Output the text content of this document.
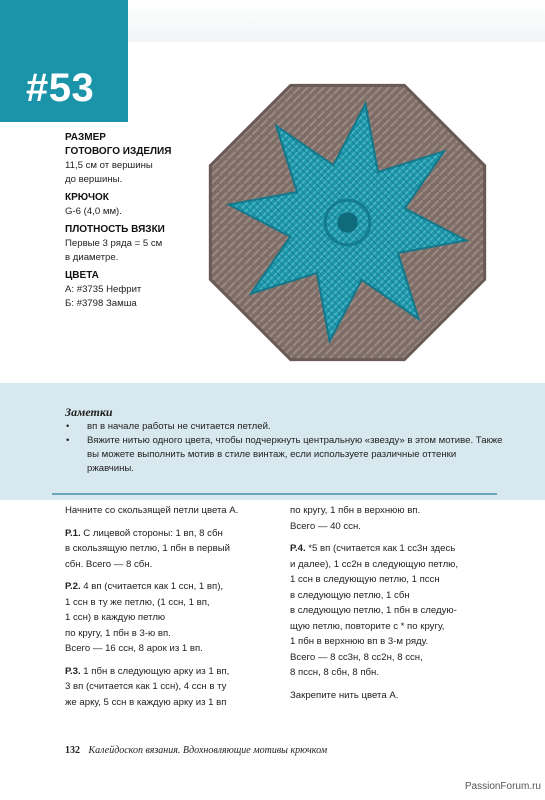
#53
РАЗМЕР
ГОТОВОГО ИЗДЕЛИЯ
11,5 см от вершины
до вершины.
КРЮЧОК
G-6 (4,0 мм).
ПЛОТНОСТЬ ВЯЗКИ
Первые 3 ряда = 5 см
в диаметре.
ЦВЕТА
А: #3735 Нефрит
Б: #3798 Замша
Заметки
• вп в начале работы не считается петлей.
• Вяжите нитью одного цвета, чтобы подчеркнуть центральную «звезду» в этом мотиве. Также вы можете выполнить мотив в стиле винтаж, если используете различные оттенки ржавчины.

Начните со скользящей петли цвета А.

Р.1. С лицевой стороны: 1 вп, 8 сбн
в скользящую петлю, 1 пбн в первый
сбн. Всего — 8 сбн.

Р.2. 4 вп (считается как 1 ссн, 1 вп),
1 ссн в ту же петлю, (1 ссн, 1 вп,
1 ссн) в каждую петлю
по кругу, 1 пбн в 3-ю вп.
Всего — 16 ссн, 8 арок из 1 вп.

Р.3. 1 пбн в следующую арку из 1 вп,
3 вп (считается как 1 ссн), 4 ссн в ту
же арку, 5 ссн в каждую арку из 1 вп

по кругу, 1 пбн в верхнюю вп.
Всего — 40 ссн.

Р.4. *5 вп (считается как 1 сс3н здесь
и далее), 1 сс2н в следующую петлю,
1 ссн в следующую петлю, 1 пссн
в следующую петлю, 1 сбн
в следующую петлю, 1 пбн в следую-
щую петлю, повторите с * по кругу,
1 пбн в верхнюю вп в 3-м ряду.
Всего — 8 сс3н, 8 сс2н, 8 ссн,
8 пссн, 8 сбн, 8 пбн.

Закрепите нить цвета А.

132 Калейдоскоп вязания. Вдохновляющие мотивы крючком
PassionForum.ru
